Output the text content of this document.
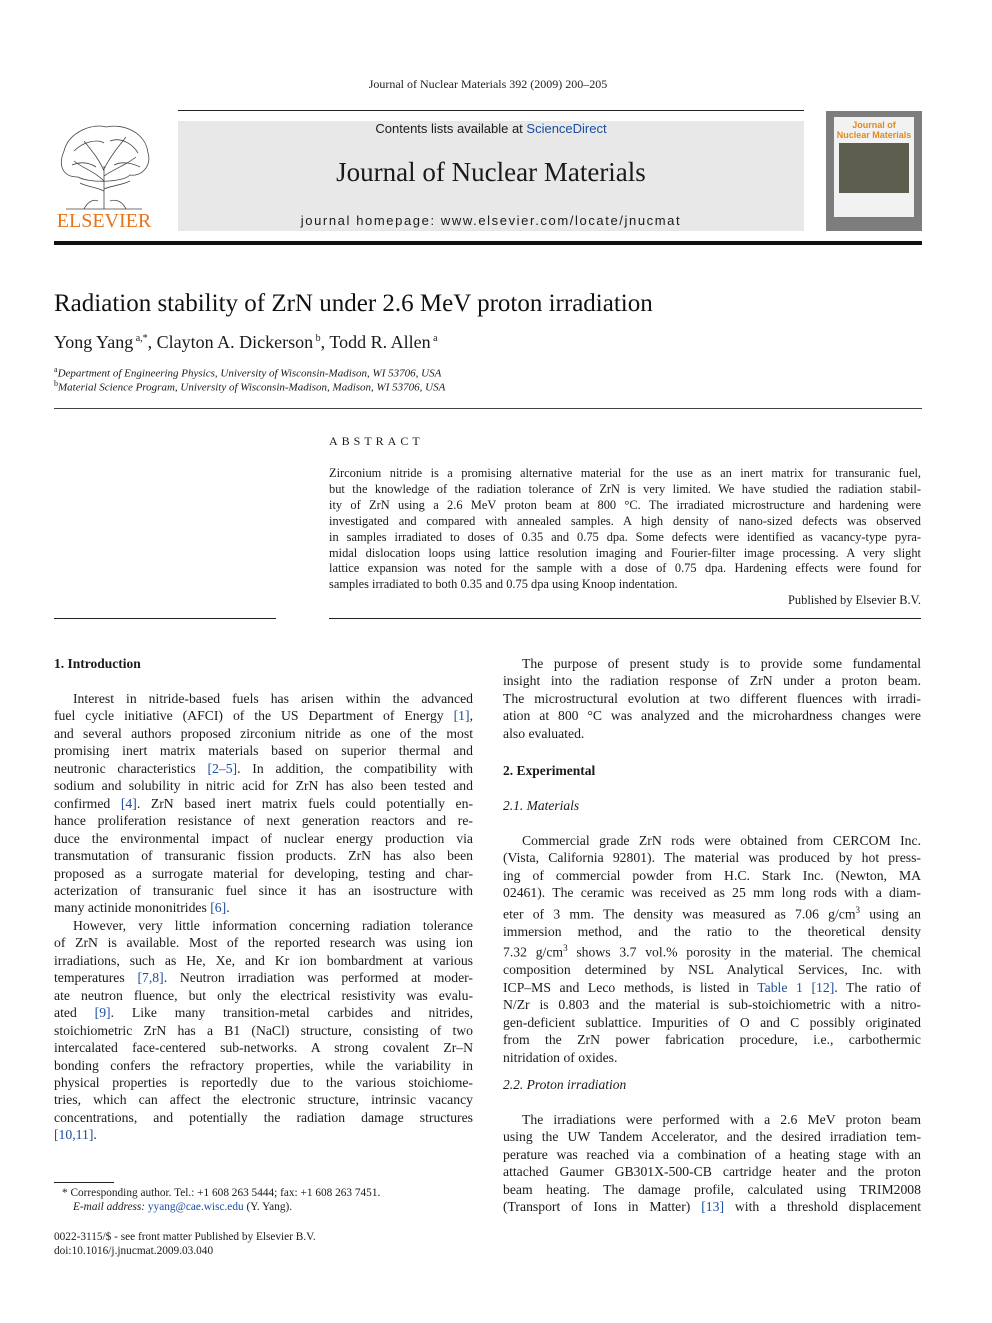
Journal of Nuclear Materials 392 (2009) 200–205
ELSEVIER
Contents lists available at ScienceDirect
Journal of Nuclear Materials
journal homepage: www.elsevier.com/locate/jnucmat
Journal of
Nuclear Materials
Radiation stability of ZrN under 2.6 MeV proton irradiation
Yong Yang $^{a,*}$, Clayton A. Dickerson $^b$, Todd R. Allen $^a$
$^a$Department of Engineering Physics, University of Wisconsin-Madison, WI 53706, USA
$^b$Material Science Program, University of Wisconsin-Madison, Madison, WI 53706, USA
ABSTRACT
Zirconium nitride is a promising alternative material for the use as an inert matrix for transuranic fuel,
but the knowledge of the radiation tolerance of ZrN is very limited. We have studied the radiation stabil-
ity of ZrN using a 2.6 MeV proton beam at 800 °C. The irradiated microstructure and hardening were
investigated and compared with annealed samples. A high density of nano-sized defects was observed
in samples irradiated to doses of 0.35 and 0.75 dpa. Some defects were identified as vacancy-type pyra-
midal dislocation loops using lattice resolution imaging and Fourier-filter image processing. A very slight
lattice expansion was noted for the sample with a dose of 0.75 dpa. Hardening effects were found for
samples irradiated to both 0.35 and 0.75 dpa using Knoop indentation.
Published by Elsevier B.V.
1. Introduction

Interest in nitride-based fuels has arisen within the advanced
fuel cycle initiative (AFCI) of the US Department of Energy [1],
and several authors proposed zirconium nitride as one of the most
promising inert matrix materials based on superior thermal and
neutronic characteristics [2–5]. In addition, the compatibility with
sodium and solubility in nitric acid for ZrN has also been tested and
confirmed [4]. ZrN based inert matrix fuels could potentially en-
hance proliferation resistance of next generation reactors and re-
duce the environmental impact of nuclear energy production via
transmutation of transuranic fission products. ZrN has also been
proposed as a surrogate material for developing, testing and char-
acterization of transuranic fuel since it has an isostructure with
many actinide mononitrides [6].

However, very little information concerning radiation tolerance
of ZrN is available. Most of the reported research was using ion
irradiations, such as He, Xe, and Kr ion bombardment at various
temperatures [7,8]. Neutron irradiation was performed at moder-
ate neutron fluence, but only the electrical resistivity was evalu-
ated [9]. Like many transition-metal carbides and nitrides,
stoichiometric ZrN has a B1 (NaCl) structure, consisting of two
intercalated face-centered sub-networks. A strong covalent Zr–N
bonding confers the refractory properties, while the variability in
physical properties is reportedly due to the various stoichiome-
tries, which can affect the electronic structure, intrinsic vacancy
concentrations, and potentially the radiation damage structures
[10,11].

The purpose of present study is to provide some fundamental
insight into the radiation response of ZrN under a proton beam.
The microstructural evolution at two different fluences with irradi-
ation at 800 °C was analyzed and the microhardness changes were
also evaluated.

2. Experimental
2.1. Materials

Commercial grade ZrN rods were obtained from CERCOM Inc.
(Vista, California 92801). The material was produced by hot press-
ing of commercial powder from H.C. Stark Inc. (Newton, MA
02461). The ceramic was received as 25 mm long rods with a diam-
eter of 3 mm. The density was measured as 7.06 $g/cm^3$ using an
immersion method, and the ratio to the theoretical density
7.32 $g/cm^3$ shows 3.7 vol.% porosity in the material. The chemical
composition determined by NSL Analytical Services, Inc. with
ICP–MS and Leco methods, is listed in Table 1 [12]. The ratio of
N/Zr is 0.803 and the material is sub-stoichiometric with a nitro-
gen-deficient sublattice. Impurities of O and C possibly originated
from the ZrN power fabrication procedure, i.e., carbothermic
nitridation of oxides.

2.2. Proton irradiation

The irradiations were performed with a 2.6 MeV proton beam
using the UW Tandem Accelerator, and the desired irradiation tem-
perature was reached via a combination of a heating stage with an
attached Gaumer GB301X-500-CB cartridge heater and the proton
beam heating. The damage profile, calculated using TRIM2008
(Transport of Ions in Matter) [13] with a threshold displacement

* Corresponding author. Tel.: +1 608 263 5444; fax: +1 608 263 7451.
E-mail address: yyang@cae.wisc.edu (Y. Yang).
0022-3115/$ - see front matter Published by Elsevier B.V.
doi:10.1016/j.jnucmat.2009.03.040
